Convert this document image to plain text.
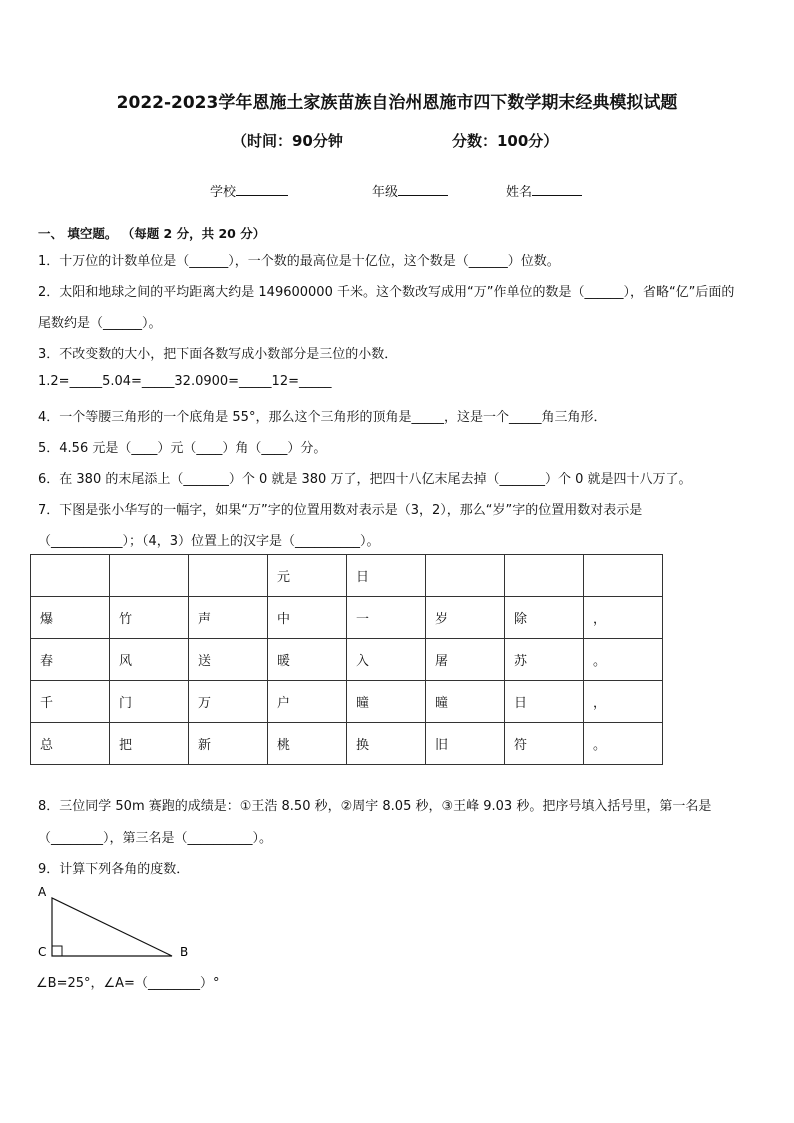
2022-2023学年恩施土家族苗族自治州恩施市四下数学期末经典模拟试题
（时间：90分钟	分数：100分）
学校	年级	姓名
一、 填空题。 （每题 2 分，共 20 分）
1．十万位的计数单位是（______），一个数的最高位是十亿位，这个数是（______）位数。
2．太阳和地球之间的平均距离大约是 149600000 千米。这个数改写成用“万”作单位的数是（______），省略“亿”后面的
尾数约是（______）。
3．不改变数的大小，把下面各数写成小数部分是三位的小数．
1.2=_____5.04=_____32.0900=_____12=_____
4．一个等腰三角形的一个底角是 55°，那么这个三角形的顶角是_____，这是一个_____角三角形．
5．4.56 元是（____）元（____）角（____）分。
6．在 380 的末尾添上（_______）个 0 就是 380 万了，把四十八亿末尾去掉（_______）个 0 就是四十八万了。
7．下图是张小华写的一幅字，如果“万”字的位置用数对表示是（3，2），那么“岁”字的位置用数对表示是
（___________）；（4，3）位置上的汉字是（__________）。
			元	日			
爆	竹	声	中	一	岁	除	，
春	风	送	暖	入	屠	苏	。
千	门	万	户	曈	曈	日	，
总	把	新	桃	换	旧	符	。
8．三位同学 50m 赛跑的成绩是：①王浩 8.50 秒，②周宇 8.05 秒，③王峰 9.03 秒。把序号填入括号里，第一名是
（________），第三名是（__________）。
9．计算下列各角的度数．
A
C	B
∠B=25°，∠A=（________）°
